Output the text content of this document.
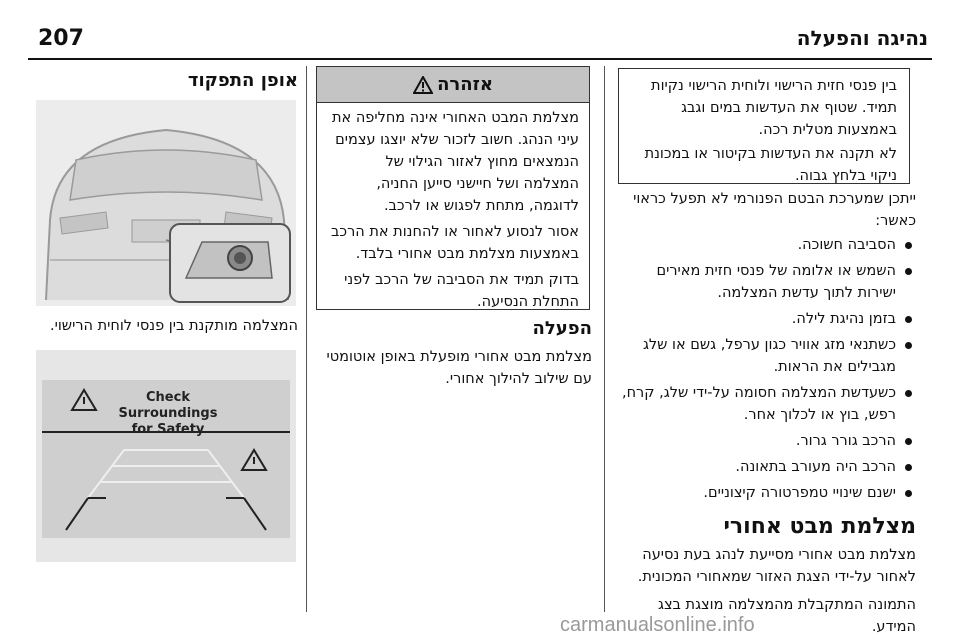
207	נהיגה והפעלה

בין פנסי חזית הרישוי ולוחית הרישוי נקיות תמיד. שטוף את העדשות במים וגבג באמצעות מטלית רכה.

לא תקנה את העדשות בקיטור או במכונת ניקוי בלחץ גבוה.

ייתכן שמערכת הבטם הפנורמי לא תפעל כראוי כאשר:

הסביבה חשוכה.
השמש או אלומה של פנסי חזית מאירים ישירות לתוך עדשת המצלמה.
בזמן נהיגת לילה.
כשתנאי מזג אוויר כגון ערפל, גשם או שלג מגבילים את הראות.
כשעדשת המצלמה חסומה על-ידי שלג, קרח, רפש, בוץ או לכלוך אחר.
הרכב גורר גרור.
הרכב היה מעורב בתאונה.
ישנם שינויי טמפרטורה קיצוניים.
מצלמת מבט אחורי

מצלמת מבט אחורי מסייעת לנהג בעת נסיעה לאחור על-ידי הצגת האזור שמאחורי המכונית.

התמונה המתקבלת מהמצלמה מוצגת בצג המידע.

אזהרה

מצלמת המבט האחורי אינה מחליפה את עיני הנהג. חשוב לזכור שלא יוצגו עצמים הנמצאים מחוץ לאזור הגילוי של המצלמה ושל חיישני סייען החניה, לדוגמה, מתחת לפגוש או לרכב.

אסור לנסוע לאחור או להחנות את הרכב באמצעות מצלמת מבט אחורי בלבד.

בדוק תמיד את הסביבה של הרכב לפני התחלת הנסיעה.

הפעלה

מצלמת מבט אחורי מופעלת באופן אוטומטי עם שילוב להילוך אחורי.

אופן התפקוד
המצלמה מותקנת בין פנסי לוחית הרישוי.
Check Surroundings
for Safety
carmanualsonline.info
